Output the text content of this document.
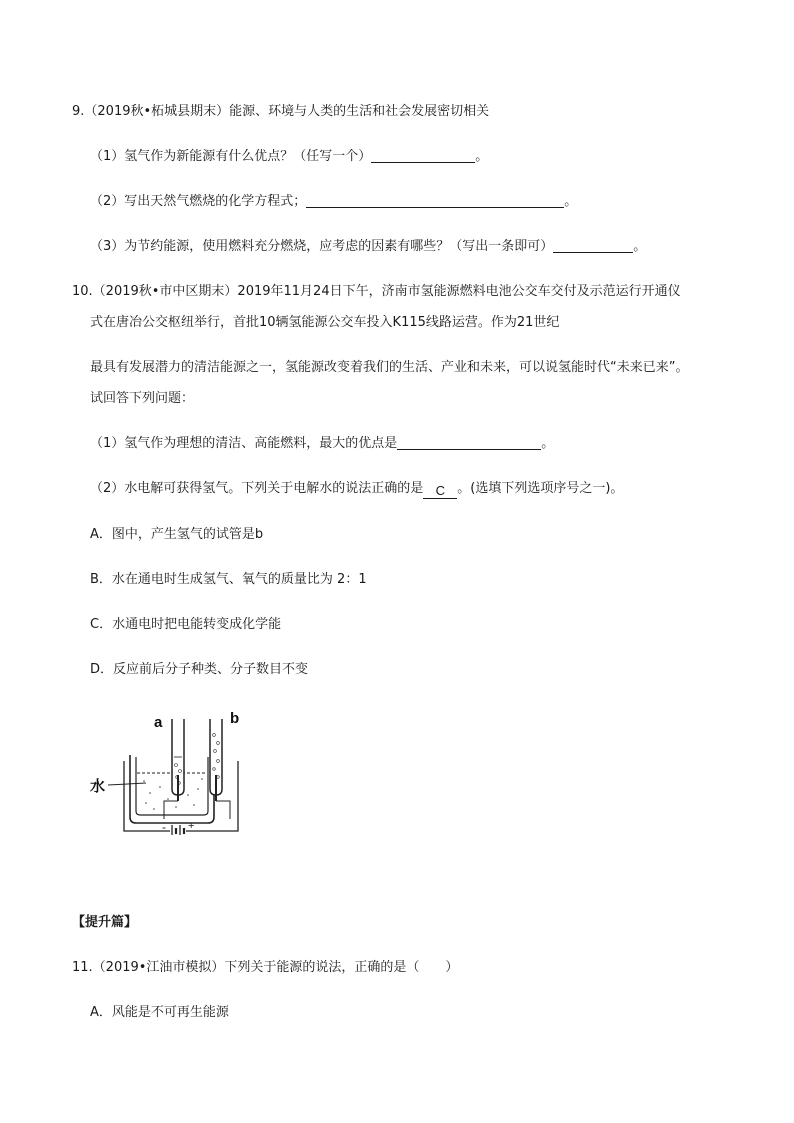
9.（2019秋•柘城县期末）能源、环境与人类的生活和社会发展密切相关
（1）氢气作为新能源有什么优点？（任写一个）	。
（2）写出天然气燃烧的化学方程式；	。
（3）为节约能源，使用燃料充分燃烧，应考虑的因素有哪些？（写出一条即可）	。
10.（2019秋•市中区期末）2019年11月24日下午，济南市氢能源燃料电池公交车交付及示范运行开通仪
式在唐冶公交枢纽举行，首批10辆氢能源公交车投入K115线路运营。作为21世纪
最具有发展潜力的清洁能源之一，氢能源改变着我们的生活、产业和未来，可以说氢能时代“未来已来”。
试回答下列问题：
（1）氢气作为理想的清洁、高能燃料，最大的优点是	。
（2）水电解可获得氢气。下列关于电解水的说法正确的是 C 。(选填下列选项序号之一)。
A．图中，产生氢气的试管是b
B．水在通电时生成氢气、氧气的质量比为 2：1
C．水通电时把电能转变成化学能
D．反应前后分子种类、分子数目不变
- +
a	b
水
【提升篇】
11.（2019•江油市模拟）下列关于能源的说法，正确的是（　　）
A．风能是不可再生能源
